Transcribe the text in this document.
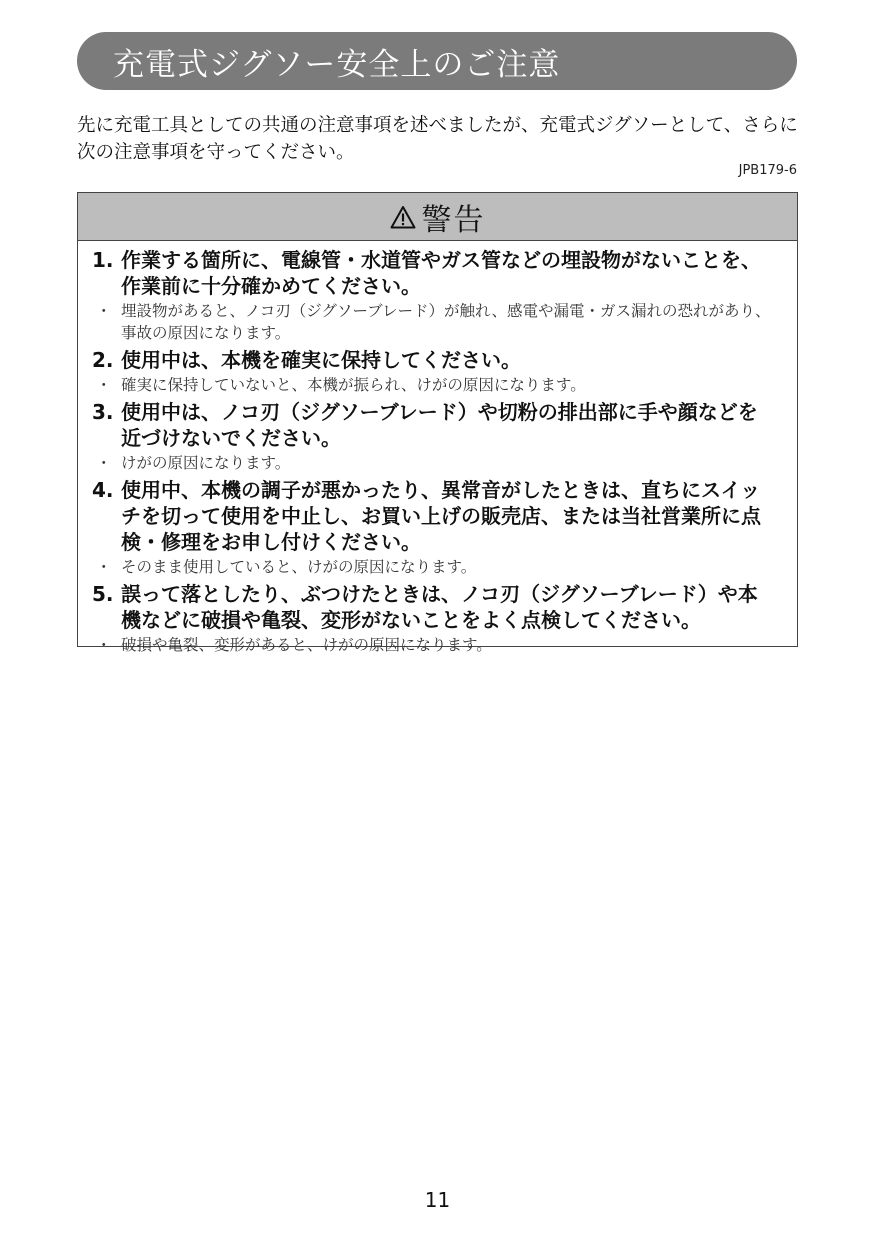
充電式ジグソー安全上のご注意
先に充電工具としての共通の注意事項を述べましたが、充電式ジグソーとして、さらに次の注意事項を守ってください。
JPB179-6
警告
1. 作業する箇所に、電線管・水道管やガス管などの埋設物がないことを、作業前に十分確かめてください。
・ 埋設物があると、ノコ刃（ジグソーブレード）が触れ、感電や漏電・ガス漏れの恐れがあり、事故の原因になります。
2. 使用中は、本機を確実に保持してください。
・ 確実に保持していないと、本機が振られ、けがの原因になります。
3. 使用中は、ノコ刃（ジグソーブレード）や切粉の排出部に手や顔などを近づけないでください。
・ けがの原因になります。
4. 使用中、本機の調子が悪かったり、異常音がしたときは、直ちにスイッチを切って使用を中止し、お買い上げの販売店、または当社営業所に点検・修理をお申し付けください。
・ そのまま使用していると、けがの原因になります。
5. 誤って落としたり、ぶつけたときは、ノコ刃（ジグソーブレード）や本機などに破損や亀裂、変形がないことをよく点検してください。
・ 破損や亀裂、変形があると、けがの原因になります。
11
